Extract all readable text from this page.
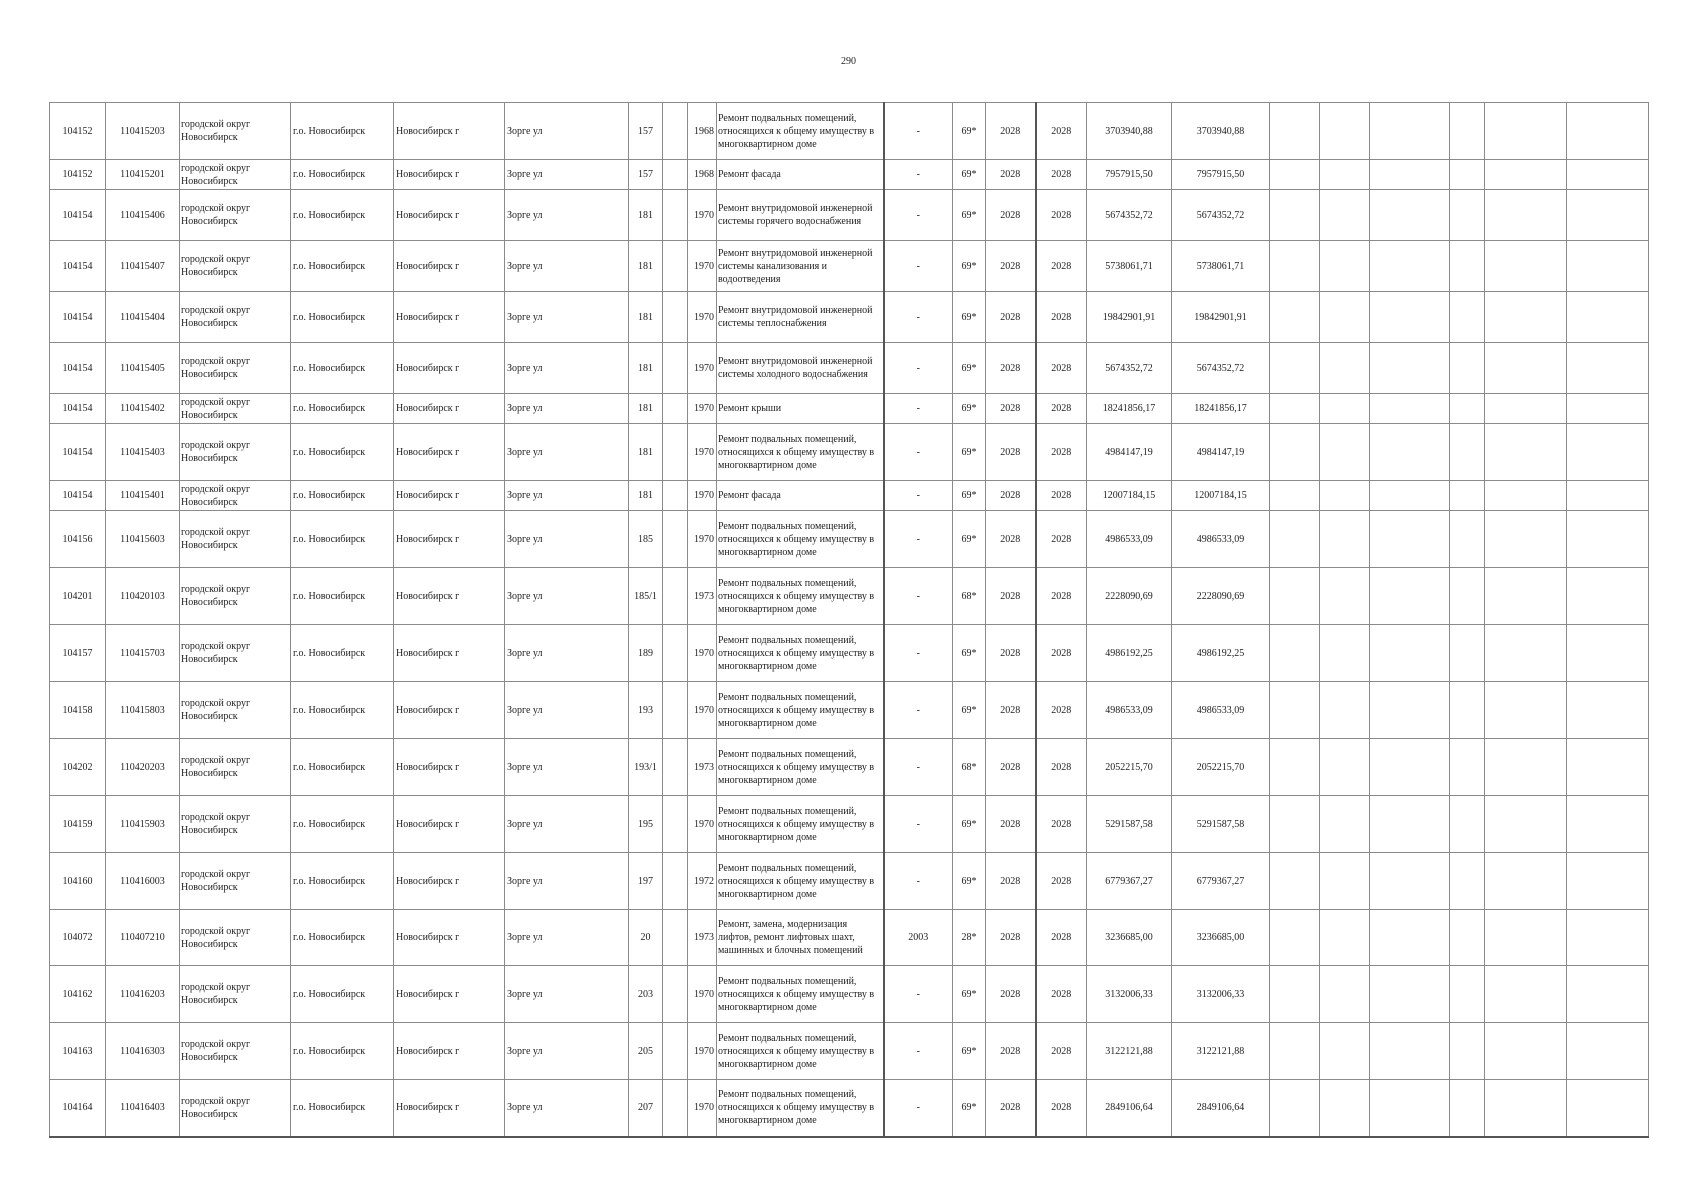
290
104152	110415203	городской округ Новосибирск	г.о. Новосибирск	Новосибирск г	Зорге ул	157		1968	Ремонт подвальных помещений, относящихся к общему имуществу в многоквартирном доме	-	69*	2028	2028	3703940,88	3703940,88						
104152	110415201	городской округ Новосибирск	г.о. Новосибирск	Новосибирск г	Зорге ул	157		1968	Ремонт фасада	-	69*	2028	2028	7957915,50	7957915,50						
104154	110415406	городской округ Новосибирск	г.о. Новосибирск	Новосибирск г	Зорге ул	181		1970	Ремонт внутридомовой инженерной системы горячего водоснабжения	-	69*	2028	2028	5674352,72	5674352,72						
104154	110415407	городской округ Новосибирск	г.о. Новосибирск	Новосибирск г	Зорге ул	181		1970	Ремонт внутридомовой инженерной системы канализования и водоотведения	-	69*	2028	2028	5738061,71	5738061,71						
104154	110415404	городской округ Новосибирск	г.о. Новосибирск	Новосибирск г	Зорге ул	181		1970	Ремонт внутридомовой инженерной системы теплоснабжения	-	69*	2028	2028	19842901,91	19842901,91						
104154	110415405	городской округ Новосибирск	г.о. Новосибирск	Новосибирск г	Зорге ул	181		1970	Ремонт внутридомовой инженерной системы холодного водоснабжения	-	69*	2028	2028	5674352,72	5674352,72						
104154	110415402	городской округ Новосибирск	г.о. Новосибирск	Новосибирск г	Зорге ул	181		1970	Ремонт крыши	-	69*	2028	2028	18241856,17	18241856,17						
104154	110415403	городской округ Новосибирск	г.о. Новосибирск	Новосибирск г	Зорге ул	181		1970	Ремонт подвальных помещений, относящихся к общему имуществу в многоквартирном доме	-	69*	2028	2028	4984147,19	4984147,19						
104154	110415401	городской округ Новосибирск	г.о. Новосибирск	Новосибирск г	Зорге ул	181		1970	Ремонт фасада	-	69*	2028	2028	12007184,15	12007184,15						
104156	110415603	городской округ Новосибирск	г.о. Новосибирск	Новосибирск г	Зорге ул	185		1970	Ремонт подвальных помещений, относящихся к общему имуществу в многоквартирном доме	-	69*	2028	2028	4986533,09	4986533,09						
104201	110420103	городской округ Новосибирск	г.о. Новосибирск	Новосибирск г	Зорге ул	185/1		1973	Ремонт подвальных помещений, относящихся к общему имуществу в многоквартирном доме	-	68*	2028	2028	2228090,69	2228090,69						
104157	110415703	городской округ Новосибирск	г.о. Новосибирск	Новосибирск г	Зорге ул	189		1970	Ремонт подвальных помещений, относящихся к общему имуществу в многоквартирном доме	-	69*	2028	2028	4986192,25	4986192,25						
104158	110415803	городской округ Новосибирск	г.о. Новосибирск	Новосибирск г	Зорге ул	193		1970	Ремонт подвальных помещений, относящихся к общему имуществу в многоквартирном доме	-	69*	2028	2028	4986533,09	4986533,09						
104202	110420203	городской округ Новосибирск	г.о. Новосибирск	Новосибирск г	Зорге ул	193/1		1973	Ремонт подвальных помещений, относящихся к общему имуществу в многоквартирном доме	-	68*	2028	2028	2052215,70	2052215,70						
104159	110415903	городской округ Новосибирск	г.о. Новосибирск	Новосибирск г	Зорге ул	195		1970	Ремонт подвальных помещений, относящихся к общему имуществу в многоквартирном доме	-	69*	2028	2028	5291587,58	5291587,58						
104160	110416003	городской округ Новосибирск	г.о. Новосибирск	Новосибирск г	Зорге ул	197		1972	Ремонт подвальных помещений, относящихся к общему имуществу в многоквартирном доме	-	69*	2028	2028	6779367,27	6779367,27						
104072	110407210	городской округ Новосибирск	г.о. Новосибирск	Новосибирск г	Зорге ул	20		1973	Ремонт, замена, модернизация лифтов, ремонт лифтовых шахт, машинных и блочных помещений	2003	28*	2028	2028	3236685,00	3236685,00						
104162	110416203	городской округ Новосибирск	г.о. Новосибирск	Новосибирск г	Зорге ул	203		1970	Ремонт подвальных помещений, относящихся к общему имуществу в многоквартирном доме	-	69*	2028	2028	3132006,33	3132006,33						
104163	110416303	городской округ Новосибирск	г.о. Новосибирск	Новосибирск г	Зорге ул	205		1970	Ремонт подвальных помещений, относящихся к общему имуществу в многоквартирном доме	-	69*	2028	2028	3122121,88	3122121,88						
104164	110416403	городской округ Новосибирск	г.о. Новосибирск	Новосибирск г	Зорге ул	207		1970	Ремонт подвальных помещений, относящихся к общему имуществу в многоквартирном доме	-	69*	2028	2028	2849106,64	2849106,64						
